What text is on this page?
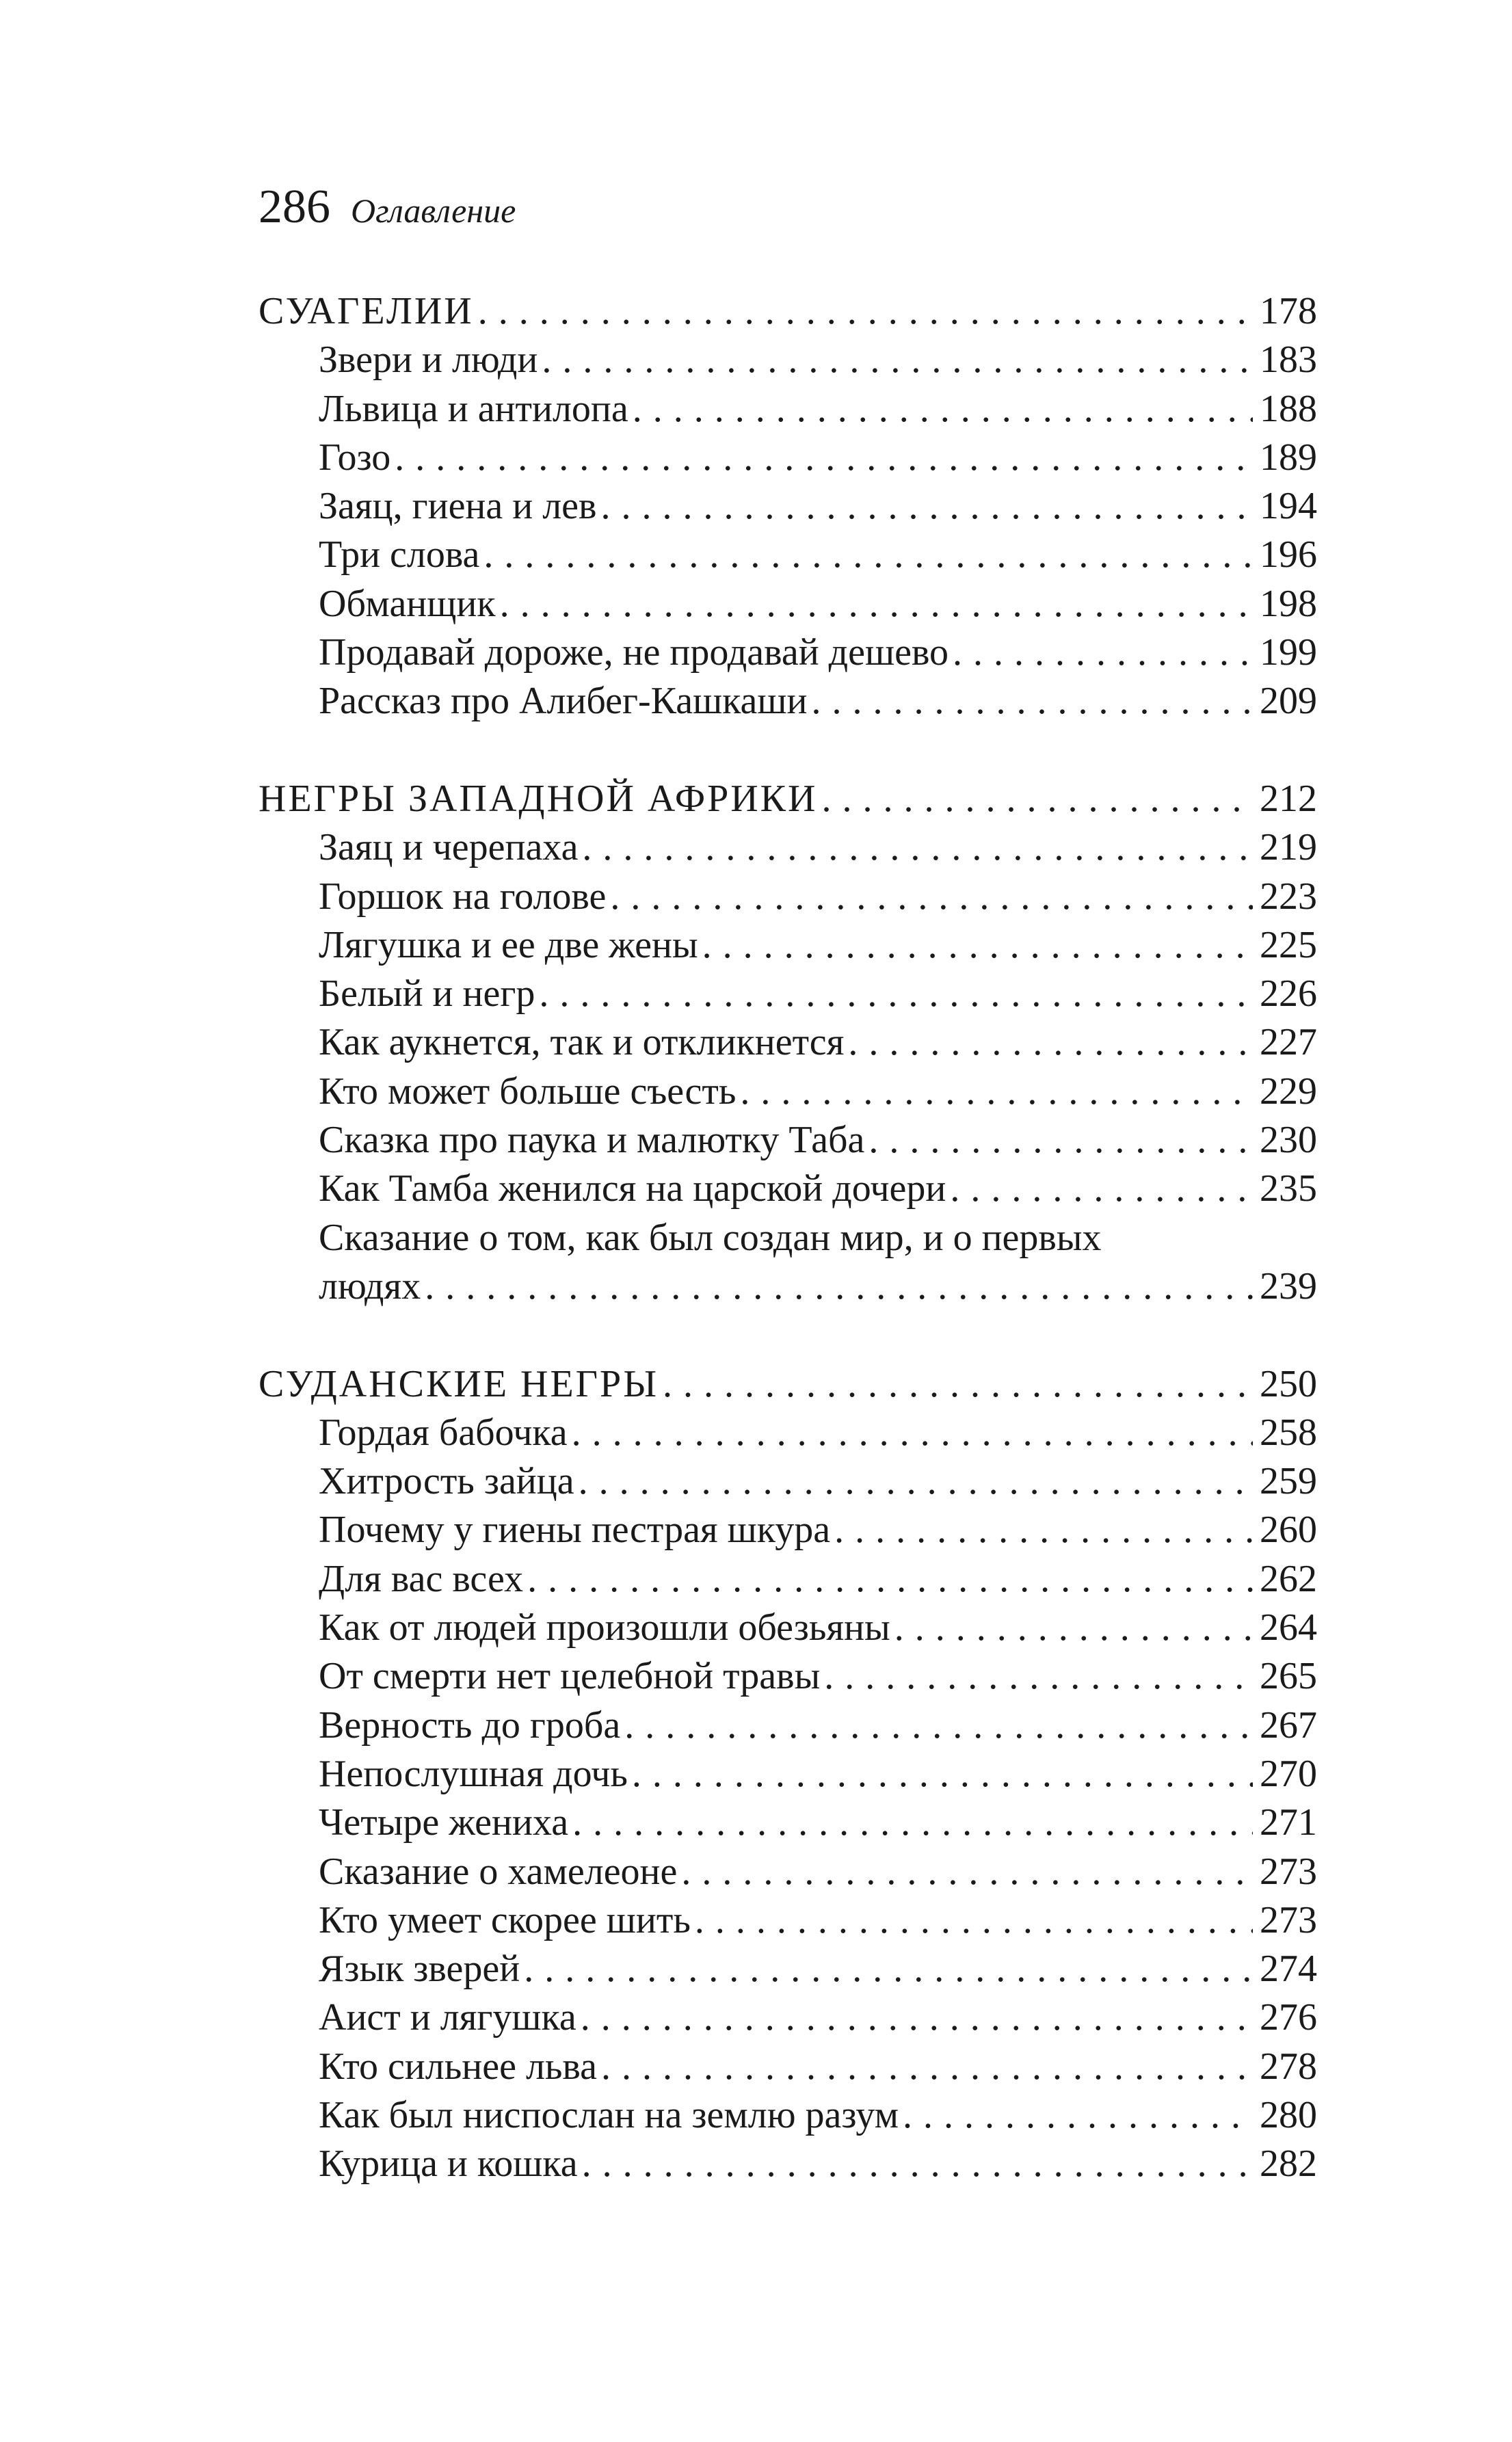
286 Оглавление
СУАГЕЛИИ . . .	178
Звери и люди . . .	183
Львица и антилопа . . .	188
Гозо . . .	189
Заяц, гиена и лев . . .	194
Три слова . . .	196
Обманщик . . .	198
Продавай дороже, не продавай дешево . . .	199
Рассказ про Алибег-Кашкаши . . .	209
НЕГРЫ ЗАПАДНОЙ АФРИКИ . . .	212
Заяц и черепаха . . .	219
Горшок на голове . . .	223
Лягушка и ее две жены . . .	225
Белый и негр . . .	226
Как аукнется, так и откликнется . . .	227
Кто может больше съесть . . .	229
Сказка про паука и малютку Таба . . .	230
Как Тамба женился на царской дочери . . .	235
Сказание о том, как был создан мир, и о первых
людях . . .	239
СУДАНСКИЕ НЕГРЫ . . .	250
Гордая бабочка . . .	258
Хитрость зайца . . .	259
Почему у гиены пестрая шкура . . .	260
Для вас всех . . .	262
Как от людей произошли обезьяны . . .	264
От смерти нет целебной травы . . .	265
Верность до гроба . . .	267
Непослушная дочь . . .	270
Четыре жениха . . .	271
Сказание о хамелеоне . . .	273
Кто умеет скорее шить . . .	273
Язык зверей . . .	274
Аист и лягушка . . .	276
Кто сильнее льва . . .	278
Как был ниспослан на землю разум . . .	280
Курица и кошка . . .	282
